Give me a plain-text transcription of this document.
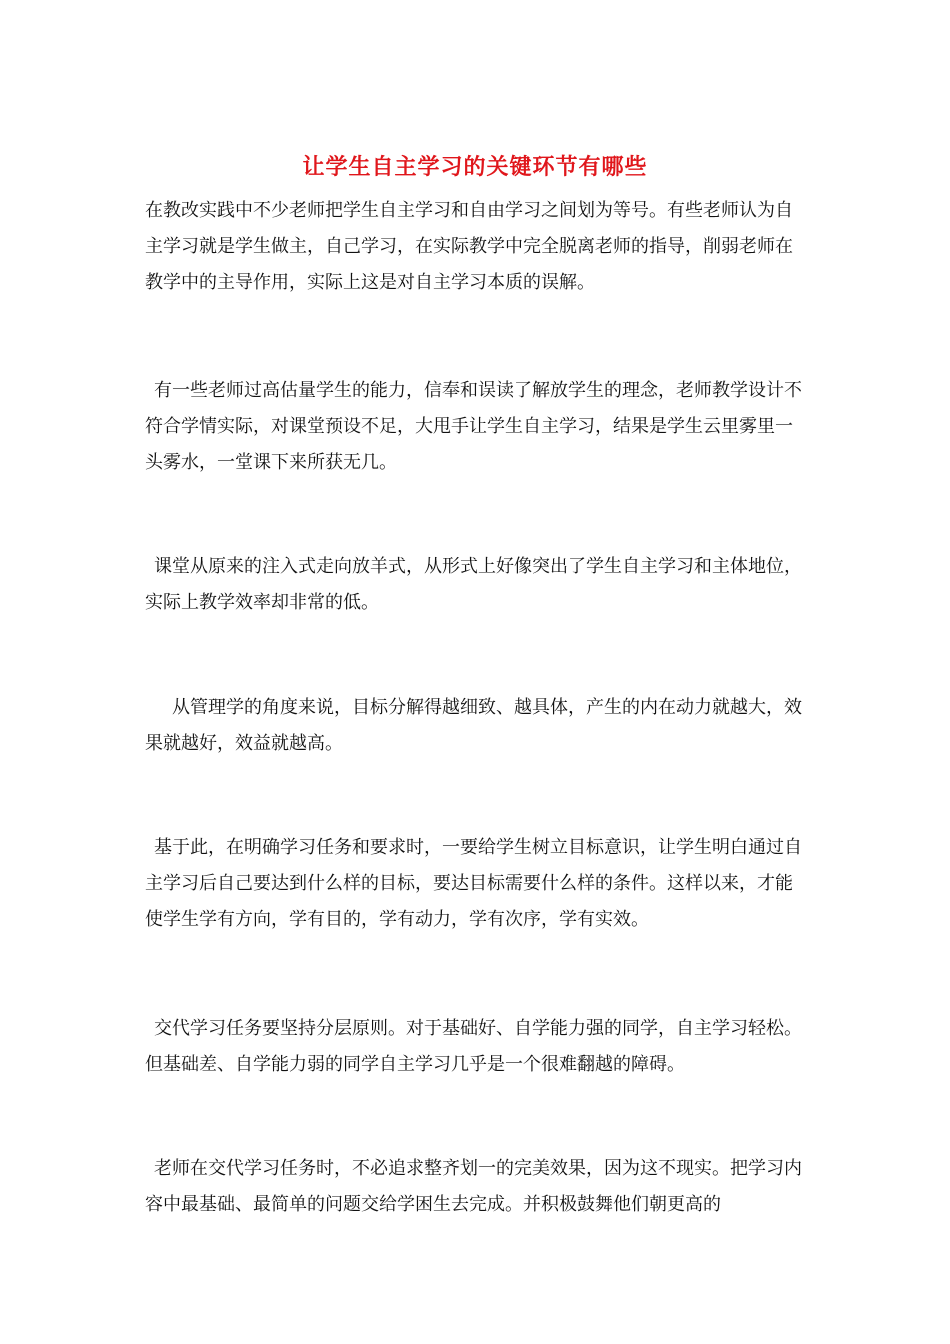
让学生自主学习的关键环节有哪些

在教改实践中不少老师把学生自主学习和自由学习之间划为等号。有些老师认为自主学习就是学生做主，自己学习，在实际教学中完全脱离老师的指导，削弱老师在教学中的主导作用，实际上这是对自主学习本质的误解。

有一些老师过高估量学生的能力，信奉和误读了解放学生的理念，老师教学设计不符合学情实际，对课堂预设不足，大甩手让学生自主学习，结果是学生云里雾里一头雾水，一堂课下来所获无几。

课堂从原来的注入式走向放羊式，从形式上好像突出了学生自主学习和主体地位，实际上教学效率却非常的低。

从管理学的角度来说，目标分解得越细致、越具体，产生的内在动力就越大，效果就越好，效益就越高。

基于此，在明确学习任务和要求时，一要给学生树立目标意识，让学生明白通过自主学习后自己要达到什么样的目标，要达目标需要什么样的条件。这样以来，才能使学生学有方向，学有目的，学有动力，学有次序，学有实效。

交代学习任务要坚持分层原则。对于基础好、自学能力强的同学，自主学习轻松。但基础差、自学能力弱的同学自主学习几乎是一个很难翻越的障碍。

老师在交代学习任务时，不必追求整齐划一的完美效果，因为这不现实。把学习内容中最基础、最简单的问题交给学困生去完成。并积极鼓舞他们朝更高的
